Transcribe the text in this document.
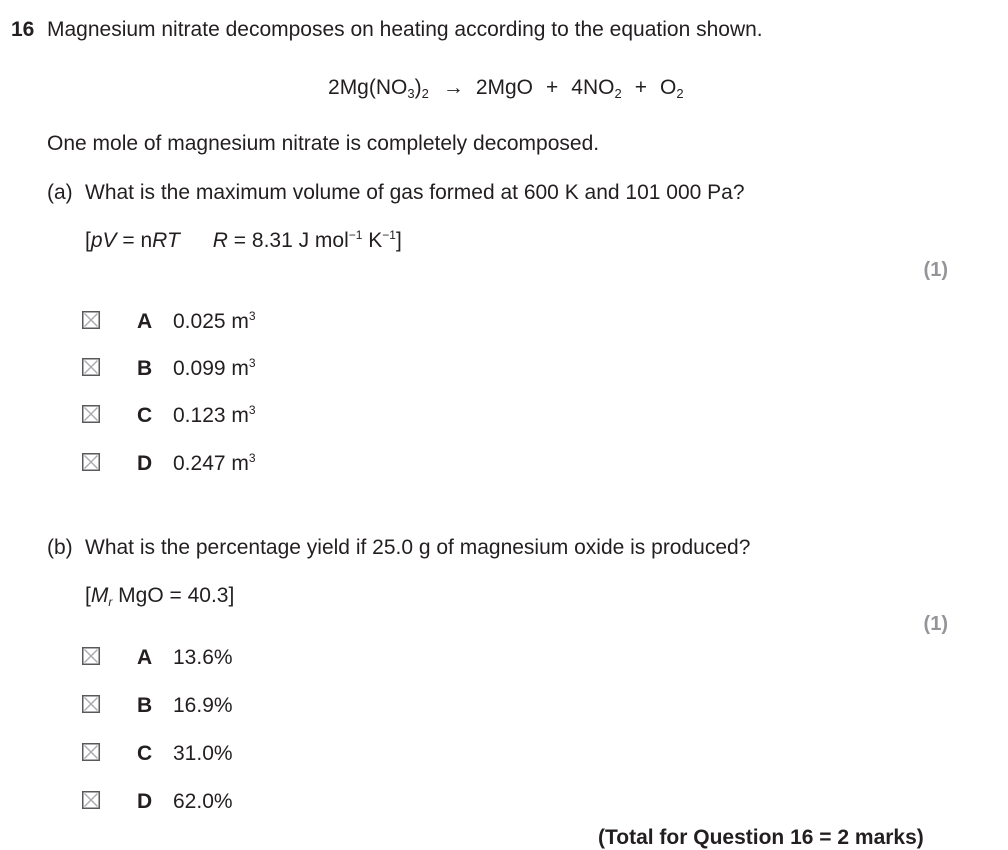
16 Magnesium nitrate decomposes on heating according to the equation shown.
$2Mg(NO_3)_2 \to 2MgO + 4NO_2 + O_2$
One mole of magnesium nitrate is completely decomposed.
(a) What is the maximum volume of gas formed at 600 K and 101 000 Pa?
[pV = nRT R = 8.31 J mol$^{-1}$ $K^{-1}$]
(1)
A 0.025 $m^3$
B 0.099 $m^3$
C 0.123 $m^3$
D 0.247 $m^3$
(b) What is the percentage yield if 25.0 g of magnesium oxide is produced?
[$M_r$ MgO = 40.3]
(1)
A 13.6%
B 16.9%
C 31.0%
D 62.0%
(Total for Question 16 = 2 marks)
